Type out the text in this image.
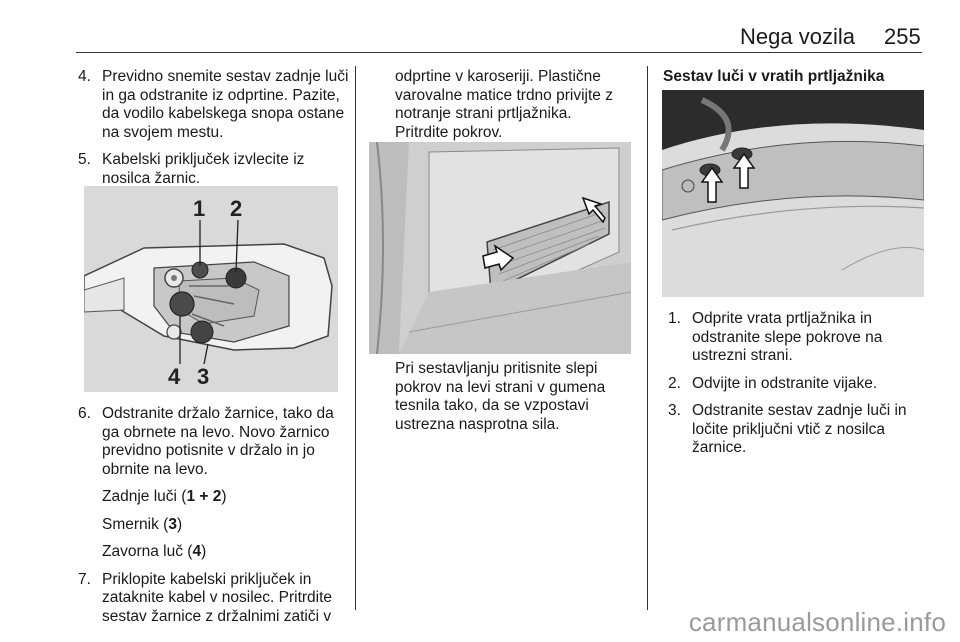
Nega vozila 255
4. Previdno snemite sestav zadnje luči in ga odstranite iz odprtine. Pazite, da vodilo kabelskega snopa ostane na svojem mestu.
5. Kabelski priključek izvlecite iz nosilca žarnic.
1 2
3
4
6. Odstranite držalo žarnice, tako da ga obrnete na levo. Novo žarnico previdno potisnite v držalo in jo obrnite na levo.
Zadnje luči (1 + 2)
Smernik (3)
Zavorna luč (4)
7. Priklopite kabelski priključek in zataknite kabel v nosilec. Pritrdite sestav žarnice z držalnimi zatiči v

odprtine v karoseriji. Plastične varovalne matice trdno privijte z notranje strani prtljažnika.

Pritrdite pokrov.

Pri sestavljanju pritisnite slepi pokrov na levi strani v gumena tesnila tako, da se vzpostavi ustrezna nasprotna sila.

Sestav luči v vratih prtljažnika

1. Odprite vrata prtljažnika in odstranite slepe pokrove na ustrezni strani.
2. Odvijte in odstranite vijake.
3. Odstranite sestav zadnje luči in ločite priključni vtič z nosilca žarnice.
carmanualsonline.info
